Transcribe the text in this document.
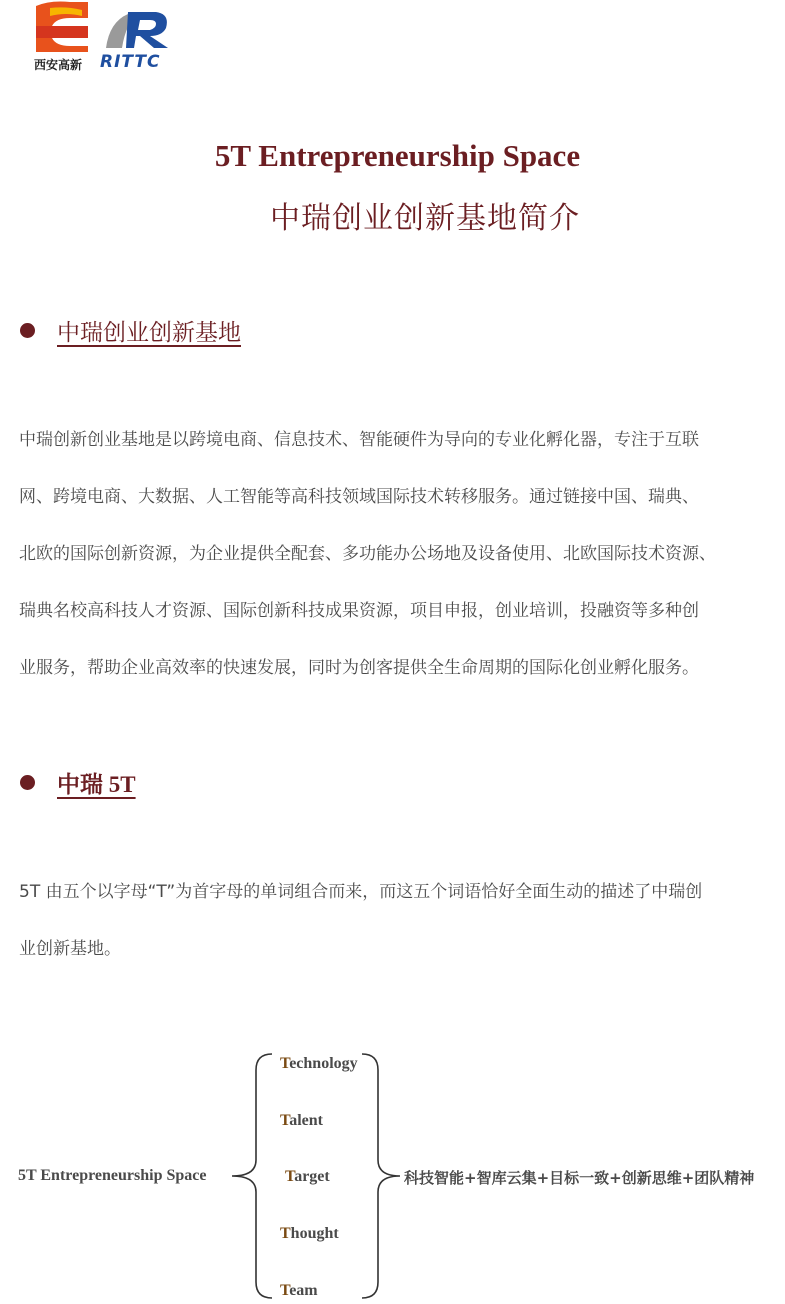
西安高新 RITTC
5T Entrepreneurship Space
中瑞创业创新基地简介
中瑞创业创新基地
中瑞创新创业基地是以跨境电商、信息技术、智能硬件为导向的专业化孵化器，专注于互联
网、跨境电商、大数据、人工智能等高科技领域国际技术转移服务。通过链接中国、瑞典、
北欧的国际创新资源，为企业提供全配套、多功能办公场地及设备使用、北欧国际技术资源、
瑞典名校高科技人才资源、国际创新科技成果资源，项目申报，创业培训，投融资等多种创
业服务，帮助企业高效率的快速发展，同时为创客提供全生命周期的国际化创业孵化服务。
中瑞 5T
5T 由五个以字母“T”为首字母的单词组合而来，而这五个词语恰好全面生动的描述了中瑞创
业创新基地。
5T Entrepreneurship Space
Technology
Talent
Target
Thought
Team
科技智能+智库云集+目标一致+创新思维+团队精神
